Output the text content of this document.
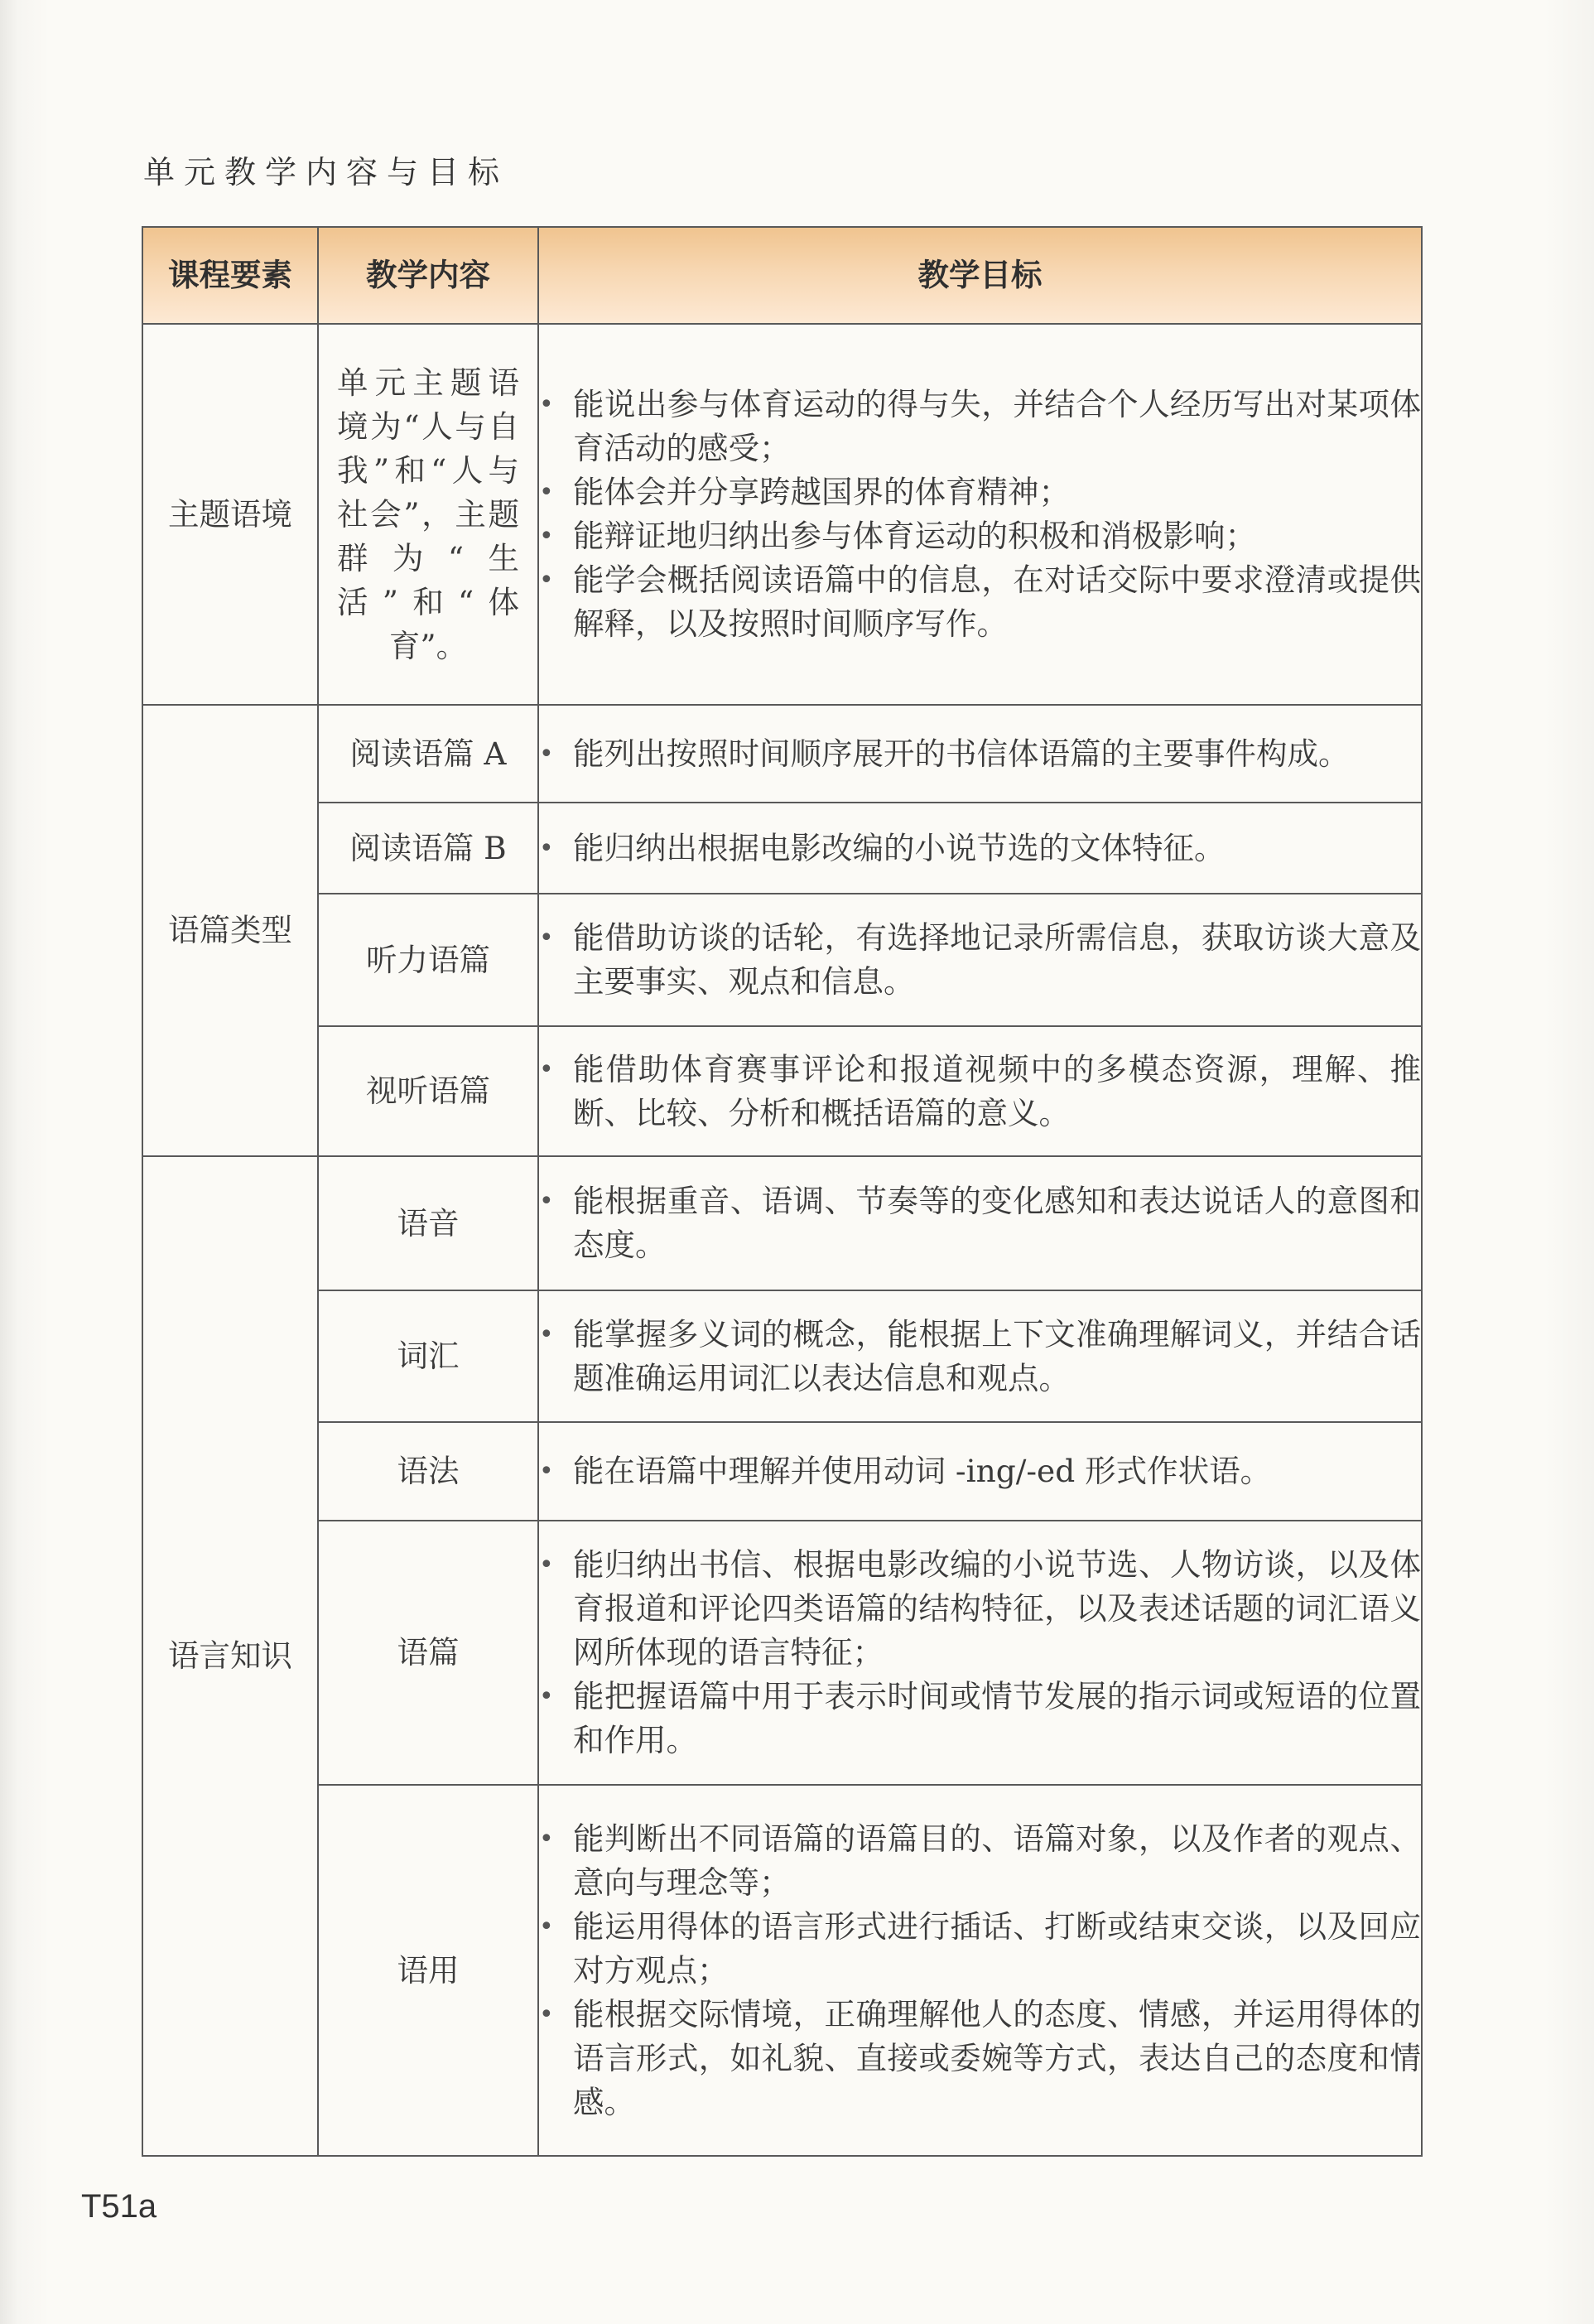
单元教学内容与目标
课程要素	教学内容	教学目标
主题语境	单元主题语境为“人与自我”和“人与社会”，主题群为“生活”和“体育”。	• 能说出参与体育运动的得与失，并结合个人经历写出对某项体育活动的感受；
• 能体会并分享跨越国界的体育精神；
• 能辩证地归纳出参与体育运动的积极和消极影响；
• 能学会概括阅读语篇中的信息，在对话交际中要求澄清或提供解释，以及按照时间顺序写作。

语篇类型	阅读语篇 A	• 能列出按照时间顺序展开的书信体语篇的主要事件构成。

	阅读语篇 B	• 能归纳出根据电影改编的小说节选的文体特征。

	听力语篇	• 能借助访谈的话轮，有选择地记录所需信息，获取访谈大意及主要事实、观点和信息。

	视听语篇	• 能借助体育赛事评论和报道视频中的多模态资源，理解、推断、比较、分析和概括语篇的意义。

语言知识	语音	• 能根据重音、语调、节奏等的变化感知和表达说话人的意图和态度。

	词汇	• 能掌握多义词的概念，能根据上下文准确理解词义，并结合话题准确运用词汇以表达信息和观点。

	语法	• 能在语篇中理解并使用动词 -ing/-ed 形式作状语。

	语篇	• 能归纳出书信、根据电影改编的小说节选、人物访谈，以及体育报道和评论四类语篇的结构特征，以及表述话题的词汇语义网所体现的语言特征；
• 能把握语篇中用于表示时间或情节发展的指示词或短语的位置和作用。

	语用	• 能判断出不同语篇的语篇目的、语篇对象，以及作者的观点、意向与理念等；
• 能运用得体的语言形式进行插话、打断或结束交谈，以及回应对方观点；
• 能根据交际情境，正确理解他人的态度、情感，并运用得体的语言形式，如礼貌、直接或委婉等方式，表达自己的态度和情感。
T51a
